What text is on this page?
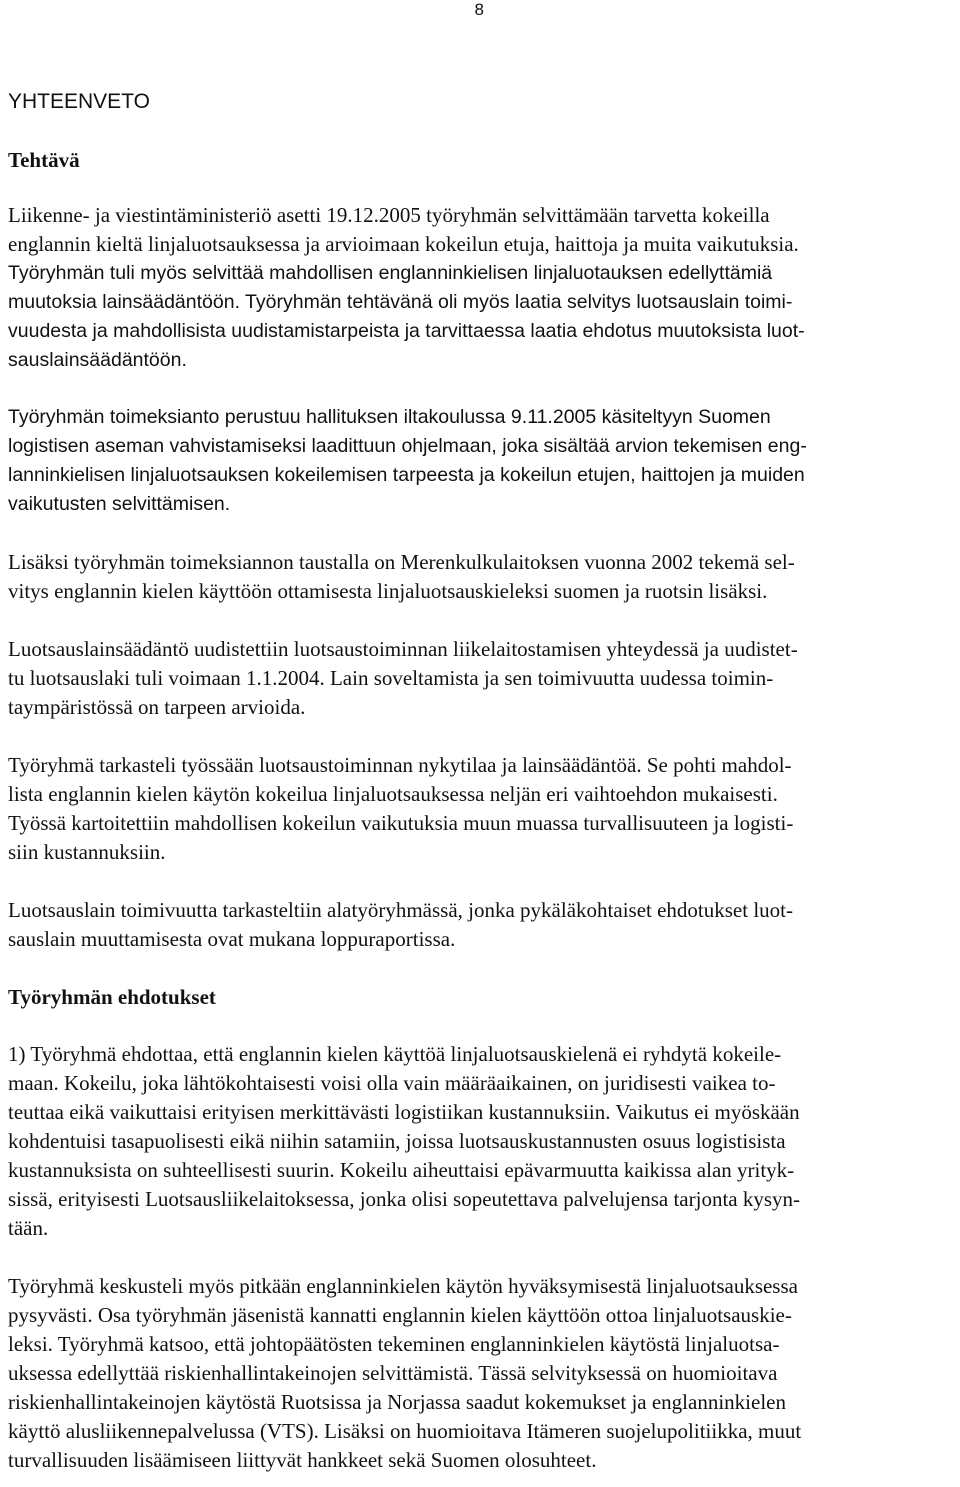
8
YHTEENVETO
Tehtävä

Liikenne- ja viestintäministeriö asetti 19.12.2005 työryhmän selvittämään tarvetta kokeilla
englannin kieltä linjaluotsauksessa ja arvioimaan kokeilun etuja, haittoja ja muita vaikutuksia.
Työryhmän tuli myös selvittää mahdollisen englanninkielisen linjaluotauksen edellyttämiä
muutoksia lainsäädäntöön. Työryhmän tehtävänä oli myös laatia selvitys luotsauslain toimi-
vuudesta ja mahdollisista uudistamistarpeista ja tarvittaessa laatia ehdotus muutoksista luot-
sauslainsäädäntöön.

Työryhmän toimeksianto perustuu hallituksen iltakoulussa 9.11.2005 käsiteltyyn Suomen
logistisen aseman vahvistamiseksi laadittuun ohjelmaan, joka sisältää arvion tekemisen eng-
lanninkielisen linjaluotsauksen kokeilemisen tarpeesta ja kokeilun etujen, haittojen ja muiden
vaikutusten selvittämisen.

Lisäksi työryhmän toimeksiannon taustalla on Merenkulkulaitoksen vuonna 2002 tekemä sel-
vitys englannin kielen käyttöön ottamisesta linjaluotsauskieleksi suomen ja ruotsin lisäksi.

Luotsauslainsäädäntö uudistettiin luotsaustoiminnan liikelaitostamisen yhteydessä ja uudistet-
tu luotsauslaki tuli voimaan 1.1.2004. Lain soveltamista ja sen toimivuutta uudessa toimin-
taympäristössä on tarpeen arvioida.

Työryhmä tarkasteli työssään luotsaustoiminnan nykytilaa ja lainsäädäntöä. Se pohti mahdol-
lista englannin kielen käytön kokeilua linjaluotsauksessa neljän eri vaihtoehdon mukaisesti.
Työssä kartoitettiin mahdollisen kokeilun vaikutuksia muun muassa turvallisuuteen ja logisti-
siin kustannuksiin.

Luotsauslain toimivuutta tarkasteltiin alatyöryhmässä, jonka pykäläkohtaiset ehdotukset luot-
sauslain muuttamisesta ovat mukana loppuraportissa.

Työryhmän ehdotukset

1) Työryhmä ehdottaa, että englannin kielen käyttöä linjaluotsauskielenä ei ryhdytä kokeile-
maan. Kokeilu, joka lähtökohtaisesti voisi olla vain määräaikainen, on juridisesti vaikea to-
teuttaa eikä vaikuttaisi erityisen merkittävästi logistiikan kustannuksiin. Vaikutus ei myöskään
kohdentuisi tasapuolisesti eikä niihin satamiin, joissa luotsauskustannusten osuus logistisista
kustannuksista on suhteellisesti suurin. Kokeilu aiheuttaisi epävarmuutta kaikissa alan yrityk-
sissä, erityisesti Luotsausliikelaitoksessa, jonka olisi sopeutettava palvelujensa tarjonta kysyn-
tään.

Työryhmä keskusteli myös pitkään englanninkielen käytön hyväksymisestä linjaluotsauksessa
pysyvästi. Osa työryhmän jäsenistä kannatti englannin kielen käyttöön ottoa linjaluotsauskie-
leksi. Työryhmä katsoo, että johtopäätösten tekeminen englanninkielen käytöstä linjaluotsa-
uksessa edellyttää riskienhallintakeinojen selvittämistä. Tässä selvityksessä on huomioitava
riskienhallintakeinojen käytöstä Ruotsissa ja Norjassa saadut kokemukset ja englanninkielen
käyttö alusliikennepalvelussa (VTS). Lisäksi on huomioitava Itämeren suojelupolitiikka, muut
turvallisuuden lisäämiseen liittyvät hankkeet sekä Suomen olosuhteet.
